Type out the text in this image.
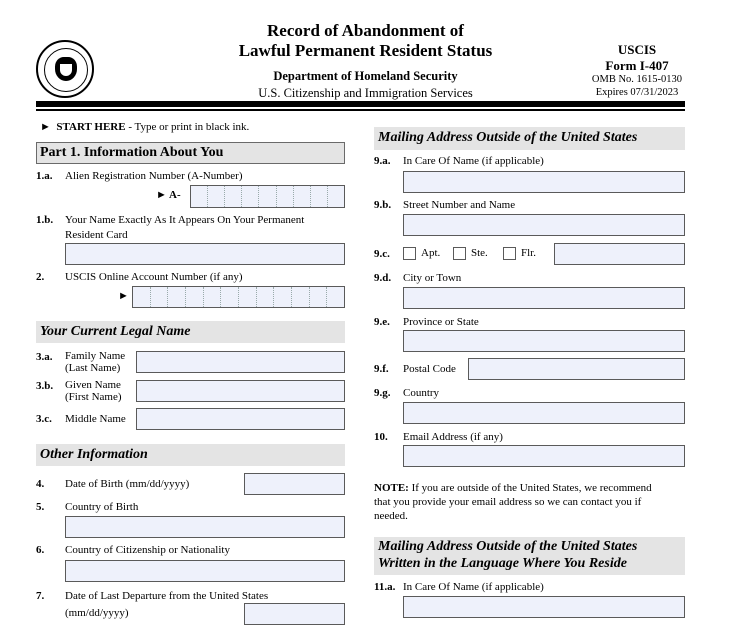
Record of Abandonment of
Lawful Permanent Resident Status
Department of Homeland Security
U.S. Citizenship and Immigration Services
USCIS
Form I-407
OMB No. 1615-0130
Expires 07/31/2023
► START HERE - Type or print in black ink.
Part 1. Information About You
1.a. Alien Registration Number (A-Number)
► A-
1.b. Your Name Exactly As It Appears On Your Permanent
Resident Card
2. USCIS Online Account Number (if any)
►
Your Current Legal Name
3.a. Family Name
(Last Name)
3.b. Given Name
(First Name)
3.c. Middle Name
Other Information
4. Date of Birth (mm/dd/yyyy)
5. Country of Birth
6. Country of Citizenship or Nationality
7. Date of Last Departure from the United States
(mm/dd/yyyy)
Mailing Address Outside of the United States
9.a. In Care Of Name (if applicable)
9.b. Street Number and Name
9.c.	Apt.	Ste.	Flr.
9.d. City or Town
9.e. Province or State
9.f. Postal Code
9.g. Country
10. Email Address (if any)
NOTE: If you are outside of the United States, we recommend
that you provide your email address so we can contact you if
needed.
Mailing Address Outside of the United States
Written in the Language Where You Reside
11.a. In Care Of Name (if applicable)
